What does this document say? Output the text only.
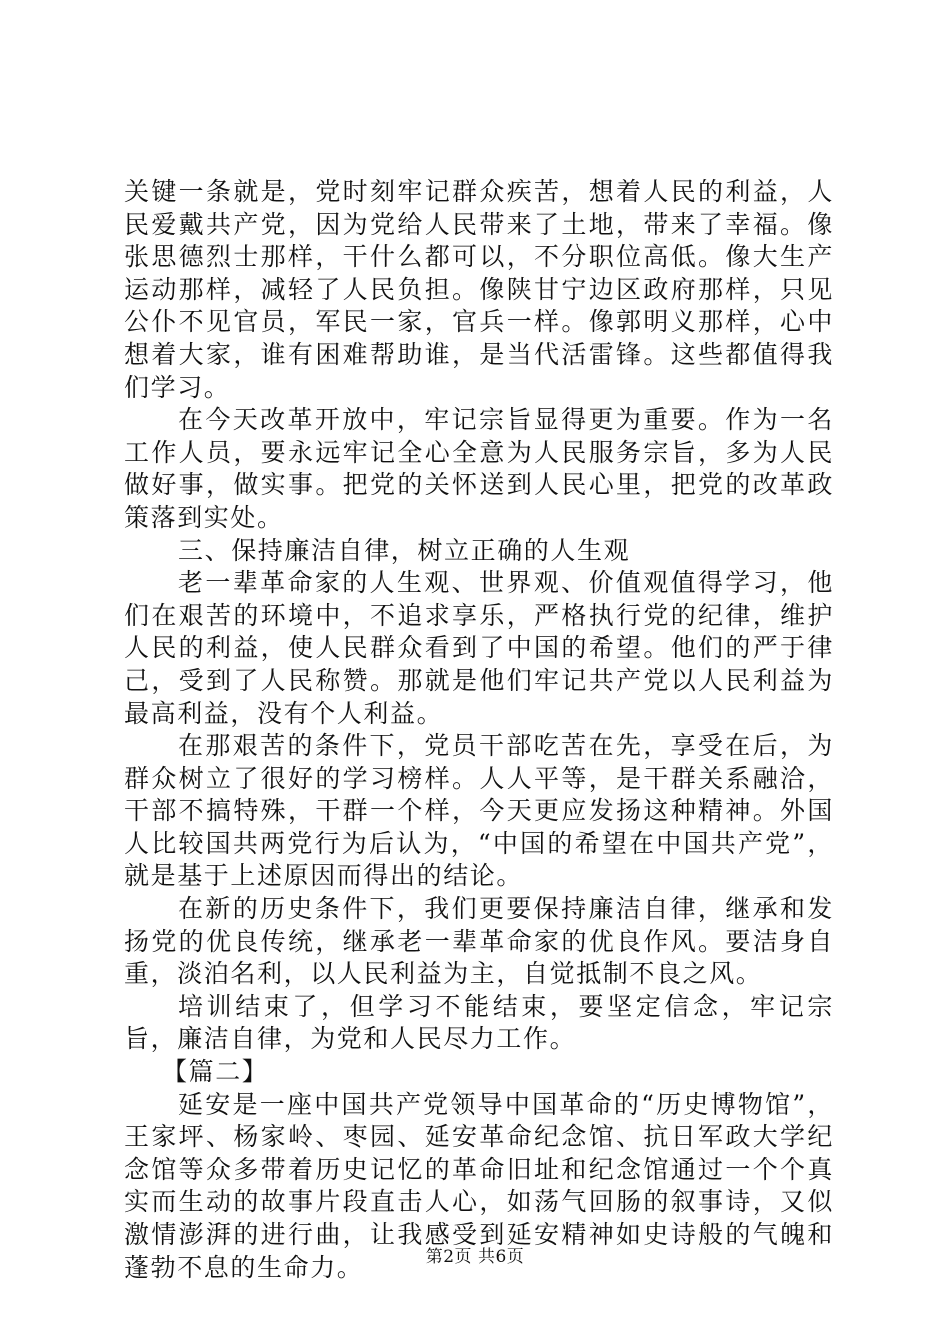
关键一条就是，党时刻牢记群众疾苦，想着人民的利益，人民爱戴共产党，因为党给人民带来了土地，带来了幸福。像张思德烈士那样，干什么都可以，不分职位高低。像大生产运动那样，减轻了人民负担。像陕甘宁边区政府那样，只见公仆不见官员，军民一家，官兵一样。像郭明义那样，心中想着大家，谁有困难帮助谁，是当代活雷锋。这些都值得我们学习。

在今天改革开放中，牢记宗旨显得更为重要。作为一名工作人员，要永远牢记全心全意为人民服务宗旨，多为人民做好事，做实事。把党的关怀送到人民心里，把党的改革政策落到实处。

三、保持廉洁自律，树立正确的人生观

老一辈革命家的人生观、世界观、价值观值得学习，他们在艰苦的环境中，不追求享乐，严格执行党的纪律，维护人民的利益，使人民群众看到了中国的希望。他们的严于律己，受到了人民称赞。那就是他们牢记共产党以人民利益为最高利益，没有个人利益。

在那艰苦的条件下，党员干部吃苦在先，享受在后，为群众树立了很好的学习榜样。人人平等，是干群关系融洽，干部不搞特殊，干群一个样，今天更应发扬这种精神。外国人比较国共两党行为后认为，“中国的希望在中国共产党”，就是基于上述原因而得出的结论。

在新的历史条件下，我们更要保持廉洁自律，继承和发扬党的优良传统，继承老一辈革命家的优良作风。要洁身自重，淡泊名利，以人民利益为主，自觉抵制不良之风。

培训结束了，但学习不能结束，要坚定信念，牢记宗旨，廉洁自律，为党和人民尽力工作。

【篇二】

延安是一座中国共产党领导中国革命的“历史博物馆”，王家坪、杨家岭、枣园、延安革命纪念馆、抗日军政大学纪念馆等众多带着历史记忆的革命旧址和纪念馆通过一个个真实而生动的故事片段直击人心，如荡气回肠的叙事诗，又似激情澎湃的进行曲，让我感受到延安精神如史诗般的气魄和蓬勃不息的生命力。	第2页 共6页
